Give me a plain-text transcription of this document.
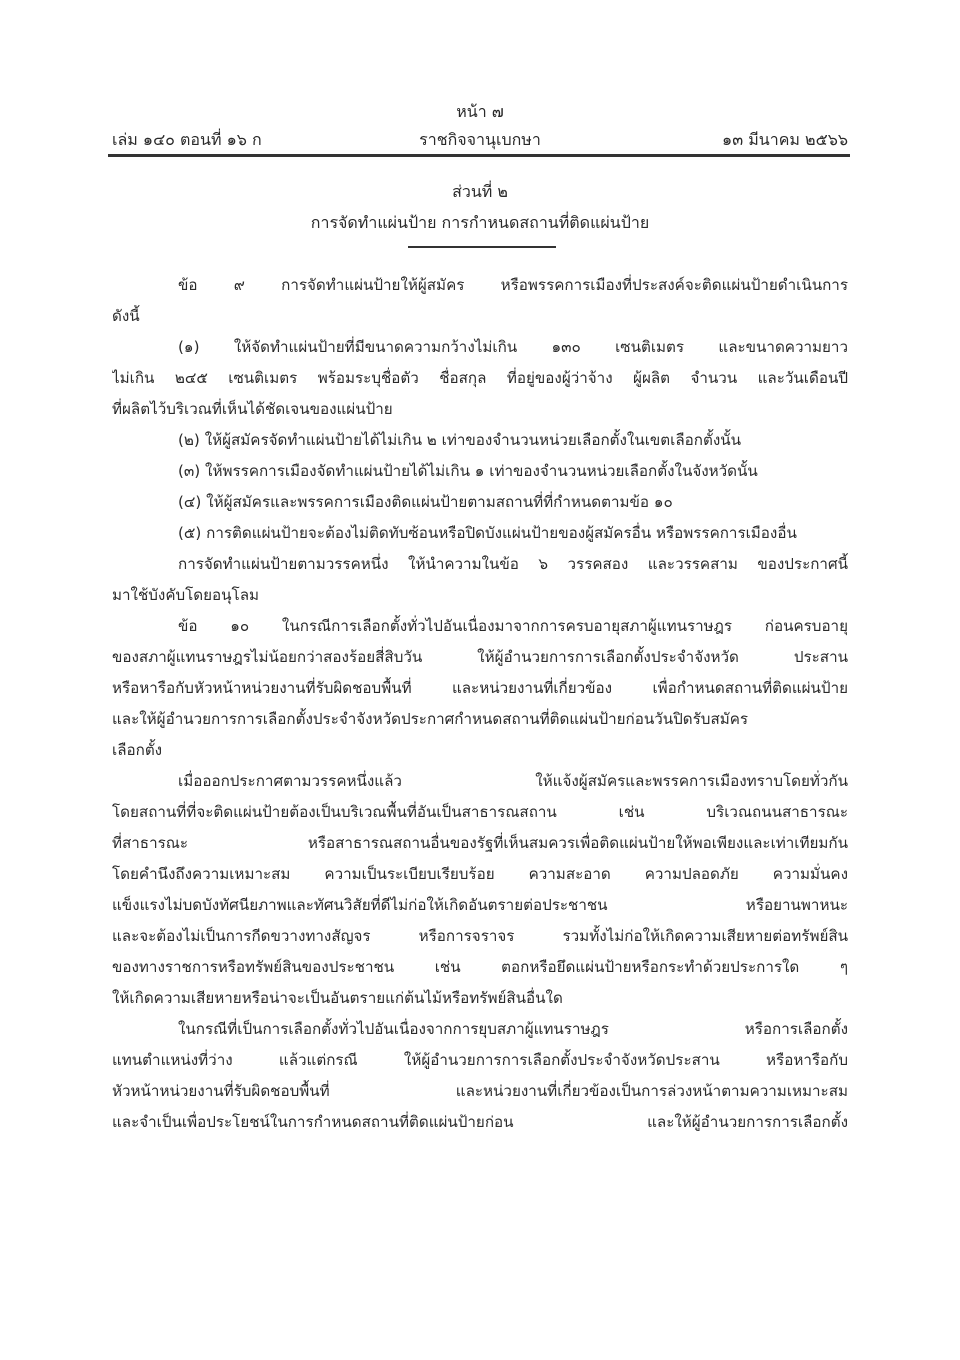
หน้า ๗
เล่ม ๑๔๐ ตอนที่ ๑๖ ก	ราชกิจจานุเบกษา	๑๓ มีนาคม ๒๕๖๖
ส่วนที่ ๒
การจัดทำแผ่นป้าย การกำหนดสถานที่ติดแผ่นป้าย
ข้อ ๙ การจัดทำแผ่นป้ายให้ผู้สมัคร หรือพรรคการเมืองที่ประสงค์จะติดแผ่นป้ายดำเนินการ
ดังนี้
(๑) ให้จัดทำแผ่นป้ายที่มีขนาดความกว้างไม่เกิน ๑๓๐ เซนติเมตร และขนาดความยาว
ไม่เกิน ๒๔๕ เซนติเมตร พร้อมระบุชื่อตัว ชื่อสกุล ที่อยู่ของผู้ว่าจ้าง ผู้ผลิต จำนวน และวันเดือนปี
ที่ผลิตไว้บริเวณที่เห็นได้ชัดเจนของแผ่นป้าย
(๒) ให้ผู้สมัครจัดทำแผ่นป้ายได้ไม่เกิน ๒ เท่าของจำนวนหน่วยเลือกตั้งในเขตเลือกตั้งนั้น
(๓) ให้พรรคการเมืองจัดทำแผ่นป้ายได้ไม่เกิน ๑ เท่าของจำนวนหน่วยเลือกตั้งในจังหวัดนั้น
(๔) ให้ผู้สมัครและพรรคการเมืองติดแผ่นป้ายตามสถานที่ที่กำหนดตามข้อ ๑๐
(๕) การติดแผ่นป้ายจะต้องไม่ติดทับซ้อนหรือปิดบังแผ่นป้ายของผู้สมัครอื่น หรือพรรคการเมืองอื่น
การจัดทำแผ่นป้ายตามวรรคหนึ่ง ให้นำความในข้อ ๖ วรรคสอง และวรรคสาม ของประกาศนี้
มาใช้บังคับโดยอนุโลม
ข้อ ๑๐ ในกรณีการเลือกตั้งทั่วไปอันเนื่องมาจากการครบอายุสภาผู้แทนราษฎร ก่อนครบอายุ
ของสภาผู้แทนราษฎรไม่น้อยกว่าสองร้อยสี่สิบวัน ให้ผู้อำนวยการการเลือกตั้งประจำจังหวัด ประสาน
หรือหารือกับหัวหน้าหน่วยงานที่รับผิดชอบพื้นที่ และหน่วยงานที่เกี่ยวข้อง เพื่อกำหนดสถานที่ติดแผ่นป้าย
และให้ผู้อำนวยการการเลือกตั้งประจำจังหวัดประกาศกำหนดสถานที่ติดแผ่นป้ายก่อนวันปิดรับสมัคร
เลือกตั้ง
เมื่อออกประกาศตามวรรคหนึ่งแล้ว ให้แจ้งผู้สมัครและพรรคการเมืองทราบโดยทั่วกัน
โดยสถานที่ที่จะติดแผ่นป้ายต้องเป็นบริเวณพื้นที่อันเป็นสาธารณสถาน เช่น บริเวณถนนสาธารณะ
ที่สาธารณะ หรือสาธารณสถานอื่นของรัฐที่เห็นสมควรเพื่อติดแผ่นป้ายให้พอเพียงและเท่าเทียมกัน
โดยคำนึงถึงความเหมาะสม ความเป็นระเบียบเรียบร้อย ความสะอาด ความปลอดภัย ความมั่นคง
แข็งแรงไม่บดบังทัศนียภาพและทัศนวิสัยที่ดีไม่ก่อให้เกิดอันตรายต่อประชาชน หรือยานพาหนะ
และจะต้องไม่เป็นการกีดขวางทางสัญจร หรือการจราจร รวมทั้งไม่ก่อให้เกิดความเสียหายต่อทรัพย์สิน
ของทางราชการหรือทรัพย์สินของประชาชน เช่น ตอกหรือยึดแผ่นป้ายหรือกระทำด้วยประการใด ๆ
ให้เกิดความเสียหายหรือน่าจะเป็นอันตรายแก่ต้นไม้หรือทรัพย์สินอื่นใด
ในกรณีที่เป็นการเลือกตั้งทั่วไปอันเนื่องจากการยุบสภาผู้แทนราษฎร หรือการเลือกตั้ง
แทนตำแหน่งที่ว่าง แล้วแต่กรณี ให้ผู้อำนวยการการเลือกตั้งประจำจังหวัดประสาน หรือหารือกับ
หัวหน้าหน่วยงานที่รับผิดชอบพื้นที่ และหน่วยงานที่เกี่ยวข้องเป็นการล่วงหน้าตามความเหมาะสม
และจำเป็นเพื่อประโยชน์ในการกำหนดสถานที่ติดแผ่นป้ายก่อน และให้ผู้อำนวยการการเลือกตั้ง
